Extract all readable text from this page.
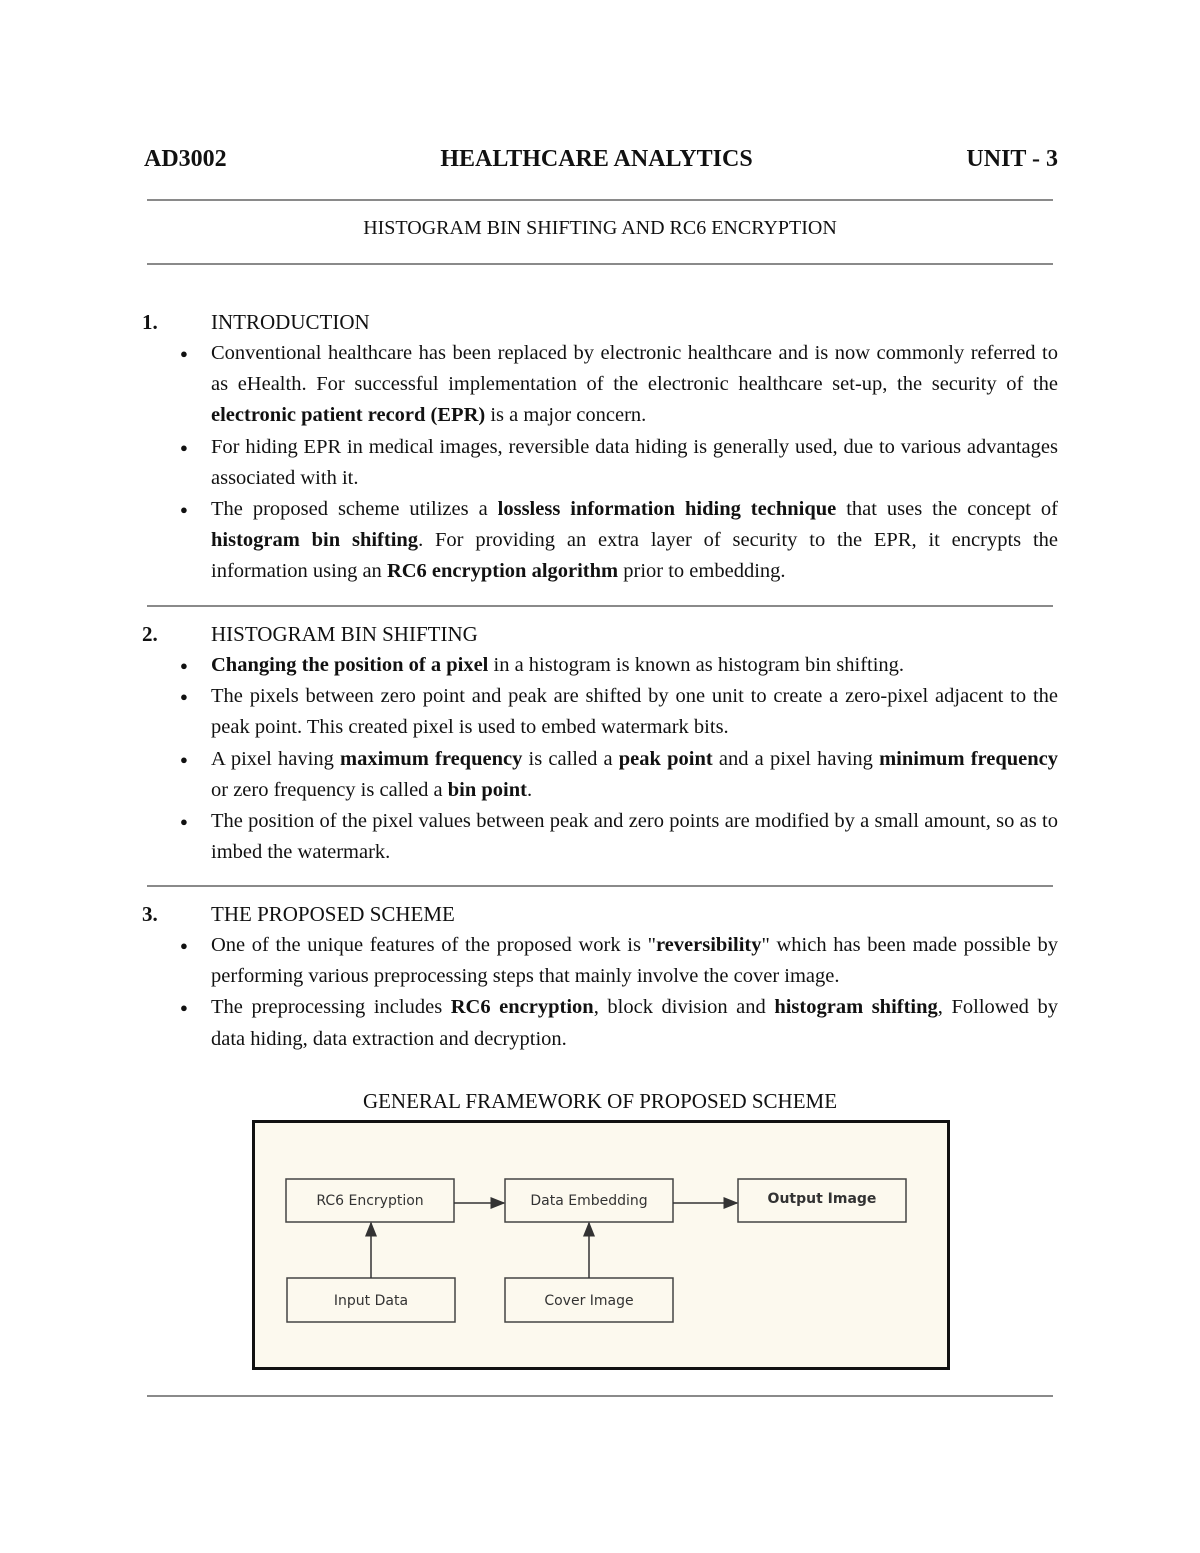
AD3002	HEALTHCARE ANALYTICS	UNIT - 3
HISTOGRAM BIN SHIFTING AND RC6 ENCRYPTION
1.	INTRODUCTION
● Conventional healthcare has been replaced by electronic healthcare and is now commonly referred to as eHealth. For successful implementation of the electronic healthcare set-up, the security of the electronic patient record (EPR) is a major concern.
● For hiding EPR in medical images, reversible data hiding is generally used, due to various advantages associated with it.
● The proposed scheme utilizes a lossless information hiding technique that uses the concept of histogram bin shifting. For providing an extra layer of security to the EPR, it encrypts the information using an RC6 encryption algorithm prior to embedding.
2.	HISTOGRAM BIN SHIFTING
● Changing the position of a pixel in a histogram is known as histogram bin shifting.
● The pixels between zero point and peak are shifted by one unit to create a zero-pixel adjacent to the peak point. This created pixel is used to embed watermark bits.
● A pixel having maximum frequency is called a peak point and a pixel having minimum frequency or zero frequency is called a bin point.
● The position of the pixel values between peak and zero points are modified by a small amount, so as to imbed the watermark.
3.	THE PROPOSED SCHEME
● One of the unique features of the proposed work is "reversibility" which has been made possible by performing various preprocessing steps that mainly involve the cover image.
● The preprocessing includes RC6 encryption, block division and histogram shifting, Followed by data hiding, data extraction and decryption.
GENERAL FRAMEWORK OF PROPOSED SCHEME
RC6 Encryption	Data Embedding	Output Image
Input Data	Cover Image
